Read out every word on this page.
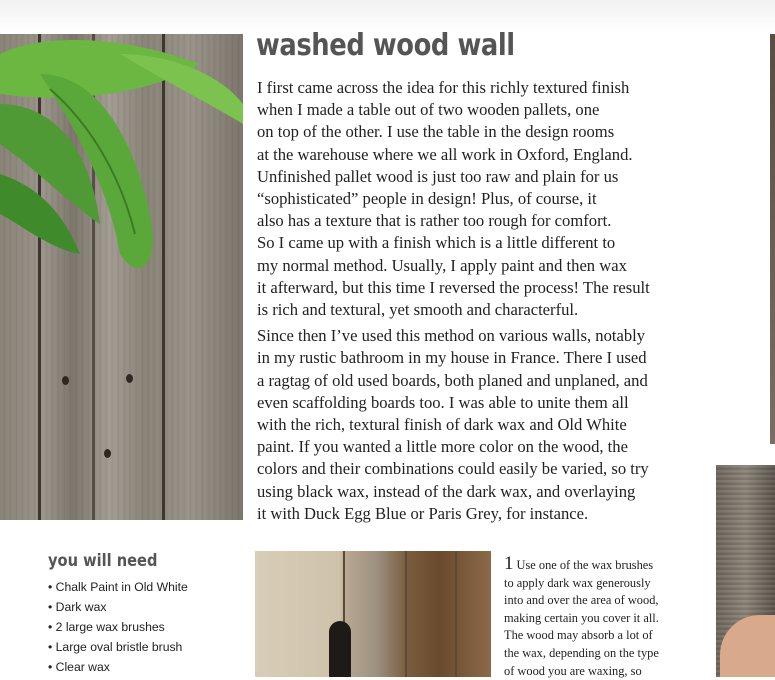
washed wood wall

I first came across the idea for this richly textured finish
when I made a table out of two wooden pallets, one
on top of the other. I use the table in the design rooms
at the warehouse where we all work in Oxford, England.
Unfinished pallet wood is just too raw and plain for us
“sophisticated” people in design! Plus, of course, it
also has a texture that is rather too rough for comfort.
So I came up with a finish which is a little different to
my normal method. Usually, I apply paint and then wax
it afterward, but this time I reversed the process! The result
is rich and textural, yet smooth and characterful.

Since then I’ve used this method on various walls, notably
in my rustic bathroom in my house in France. There I used
a ragtag of old used boards, both planed and unplaned, and
even scaffolding boards too. I was able to unite them all
with the rich, textural finish of dark wax and Old White
paint. If you wanted a little more color on the wood, the
colors and their combinations could easily be varied, so try
using black wax, instead of the dark wax, and overlaying
it with Duck Egg Blue or Paris Grey, for instance.

you will need
• Chalk Paint in Old White
• Dark wax
• 2 large wax brushes
• Large oval bristle brush
• Clear wax
1 Use one of the wax brushes
to apply dark wax generously
into and over the area of wood,
making certain you cover it all.
The wood may absorb a lot of
the wax, depending on the type
of wood you are waxing, so
